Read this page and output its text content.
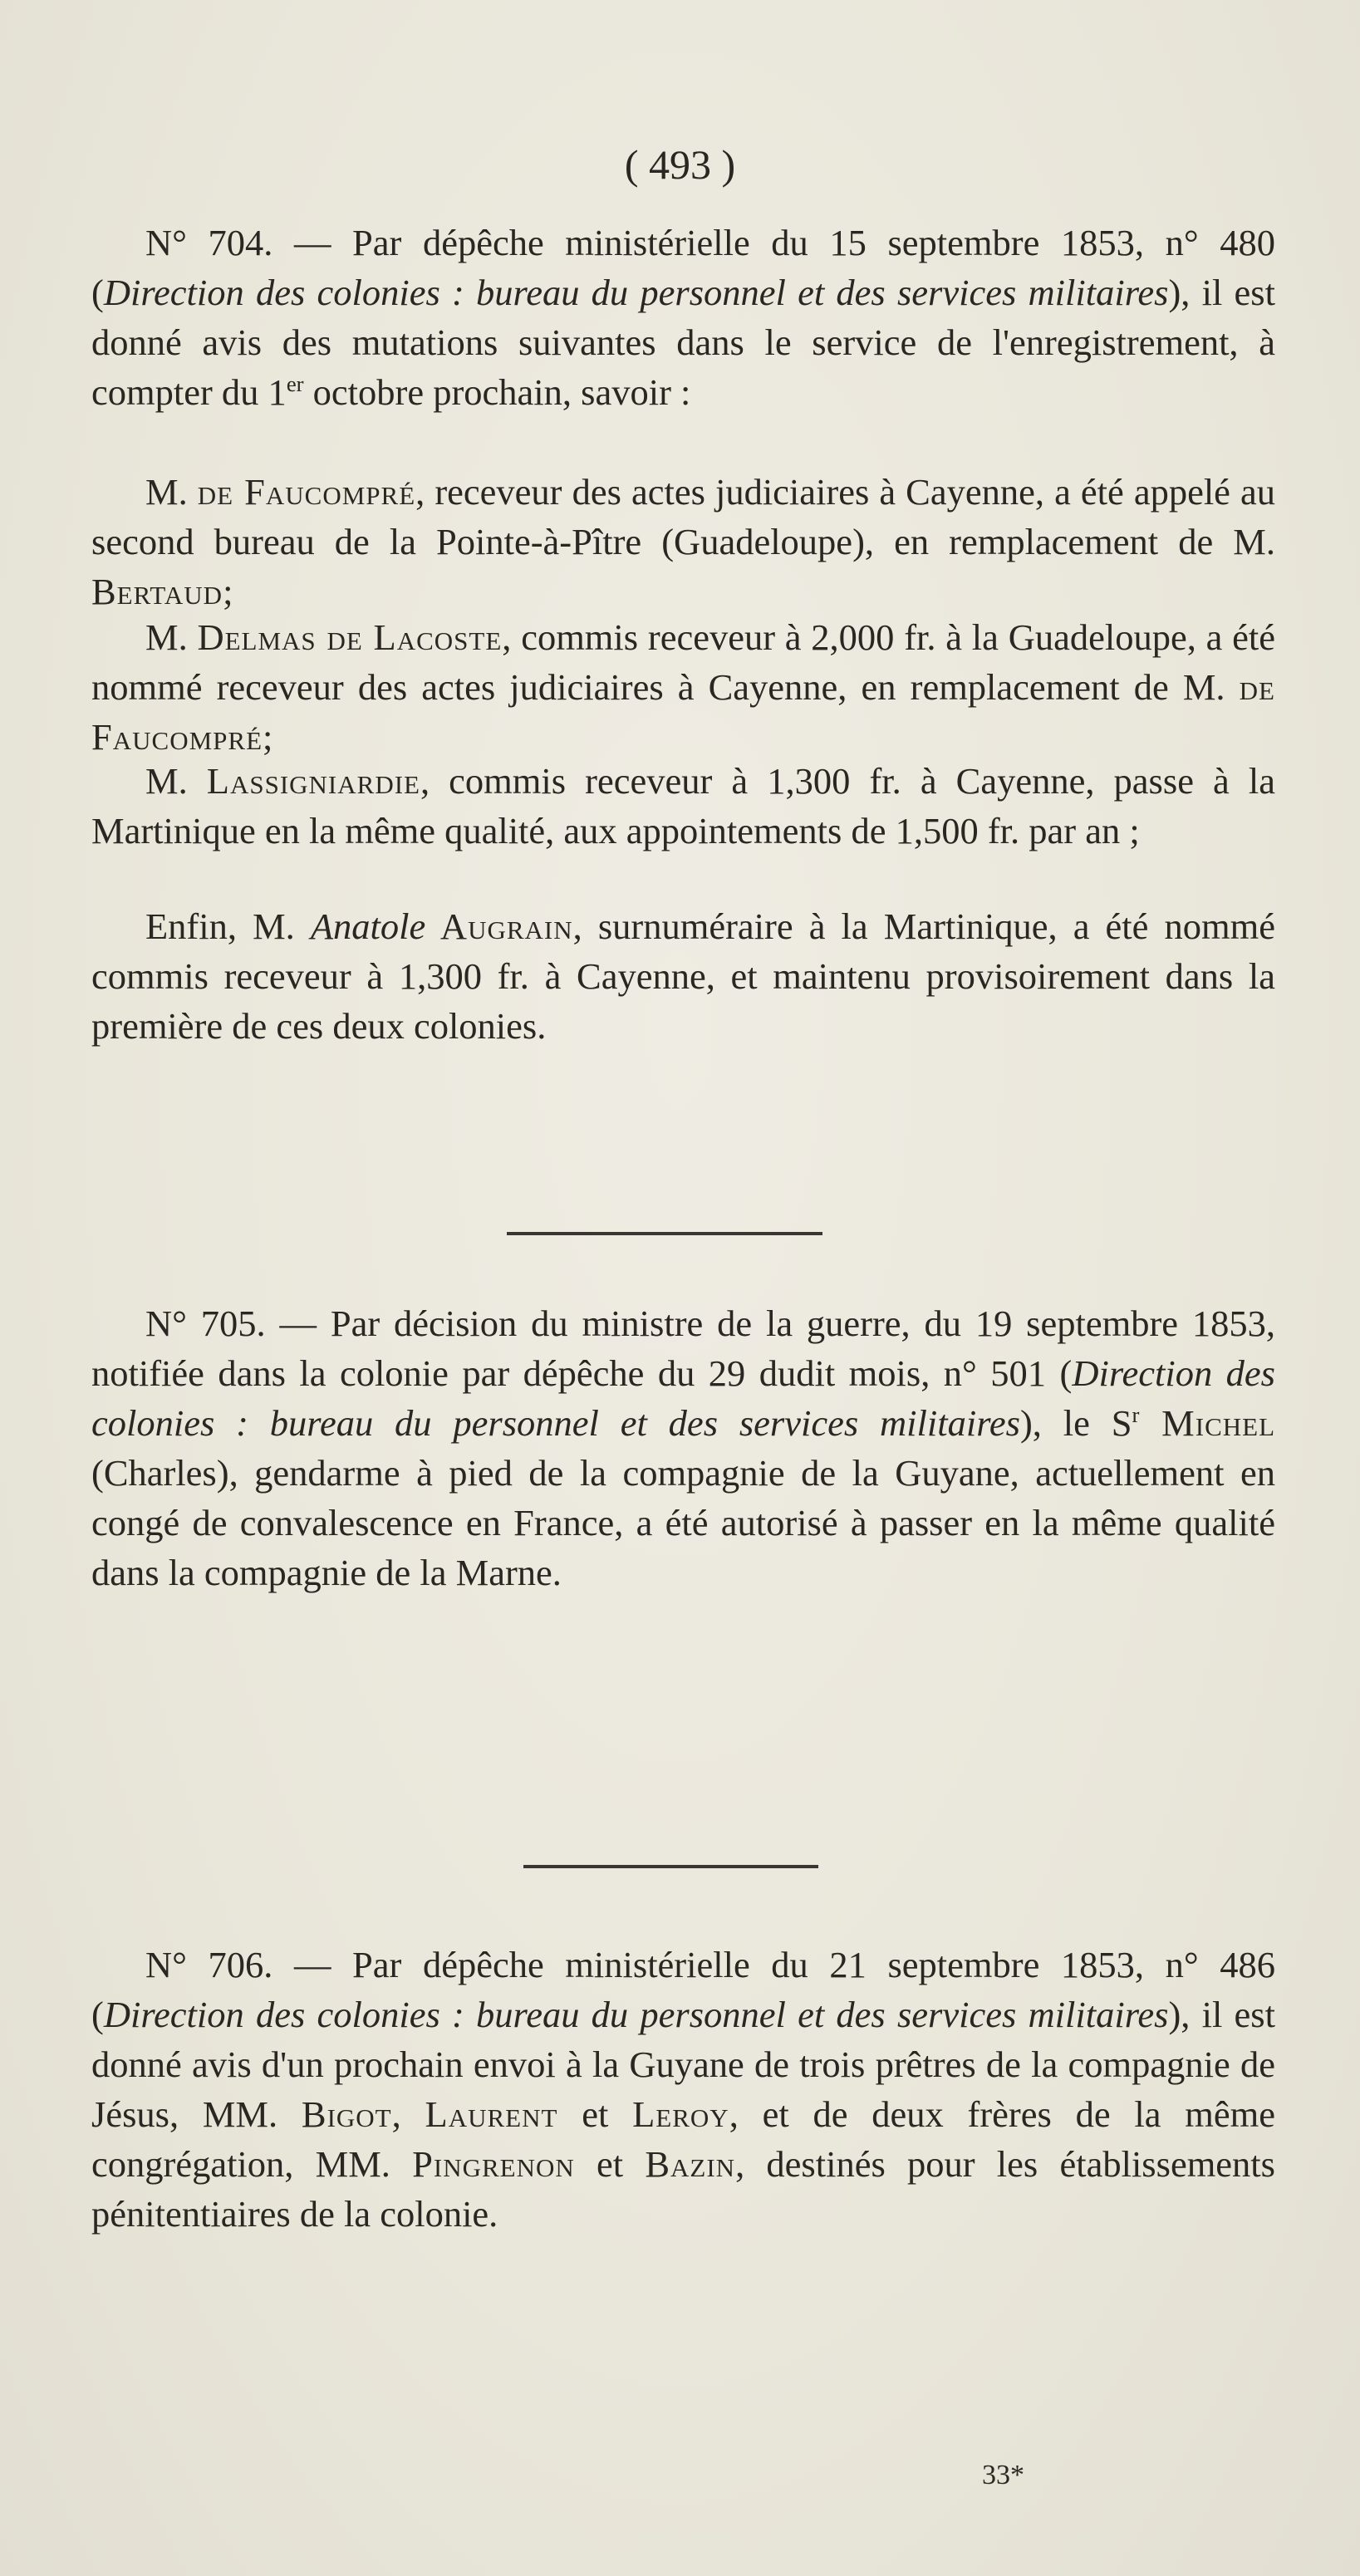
( 493 )

N° 704. — Par dépêche ministérielle du 15 septembre 1853, n° 480 (Direction des colonies : bureau du personnel et des services militaires), il est donné avis des mutations suivantes dans le service de l'enregistrement, à compter du 1er octobre prochain, savoir :

M. de Faucompré, receveur des actes judiciaires à Cayenne, a été appelé au second bureau de la Pointe-à-Pître (Guadeloupe), en remplacement de M. Bertaud;

M. Delmas de Lacoste, commis receveur à 2,000 fr. à la Guadeloupe, a été nommé receveur des actes judiciaires à Cayenne, en remplacement de M. de Faucompré;

M. Lassigniardie, commis receveur à 1,300 fr. à Cayenne, passe à la Martinique en la même qualité, aux appointements de 1,500 fr. par an ;

Enfin, M. Anatole Augrain, surnuméraire à la Martinique, a été nommé commis receveur à 1,300 fr. à Cayenne, et maintenu provisoirement dans la première de ces deux colonies.

N° 705. — Par décision du ministre de la guerre, du 19 septembre 1853, notifiée dans la colonie par dépêche du 29 dudit mois, n° 501 (Direction des colonies : bureau du personnel et des services militaires), le $S^r$ Michel (Charles), gendarme à pied de la compagnie de la Guyane, actuellement en congé de convalescence en France, a été autorisé à passer en la même qualité dans la compagnie de la Marne.

N° 706. — Par dépêche ministérielle du 21 septembre 1853, n° 486 (Direction des colonies : bureau du personnel et des services militaires), il est donné avis d'un prochain envoi à la Guyane de trois prêtres de la compagnie de Jésus, MM. Bigot, Laurent et Leroy, et de deux frères de la même congrégation, MM. Pingrenon et Bazin, destinés pour les établissements pénitentiaires de la colonie.

33*
